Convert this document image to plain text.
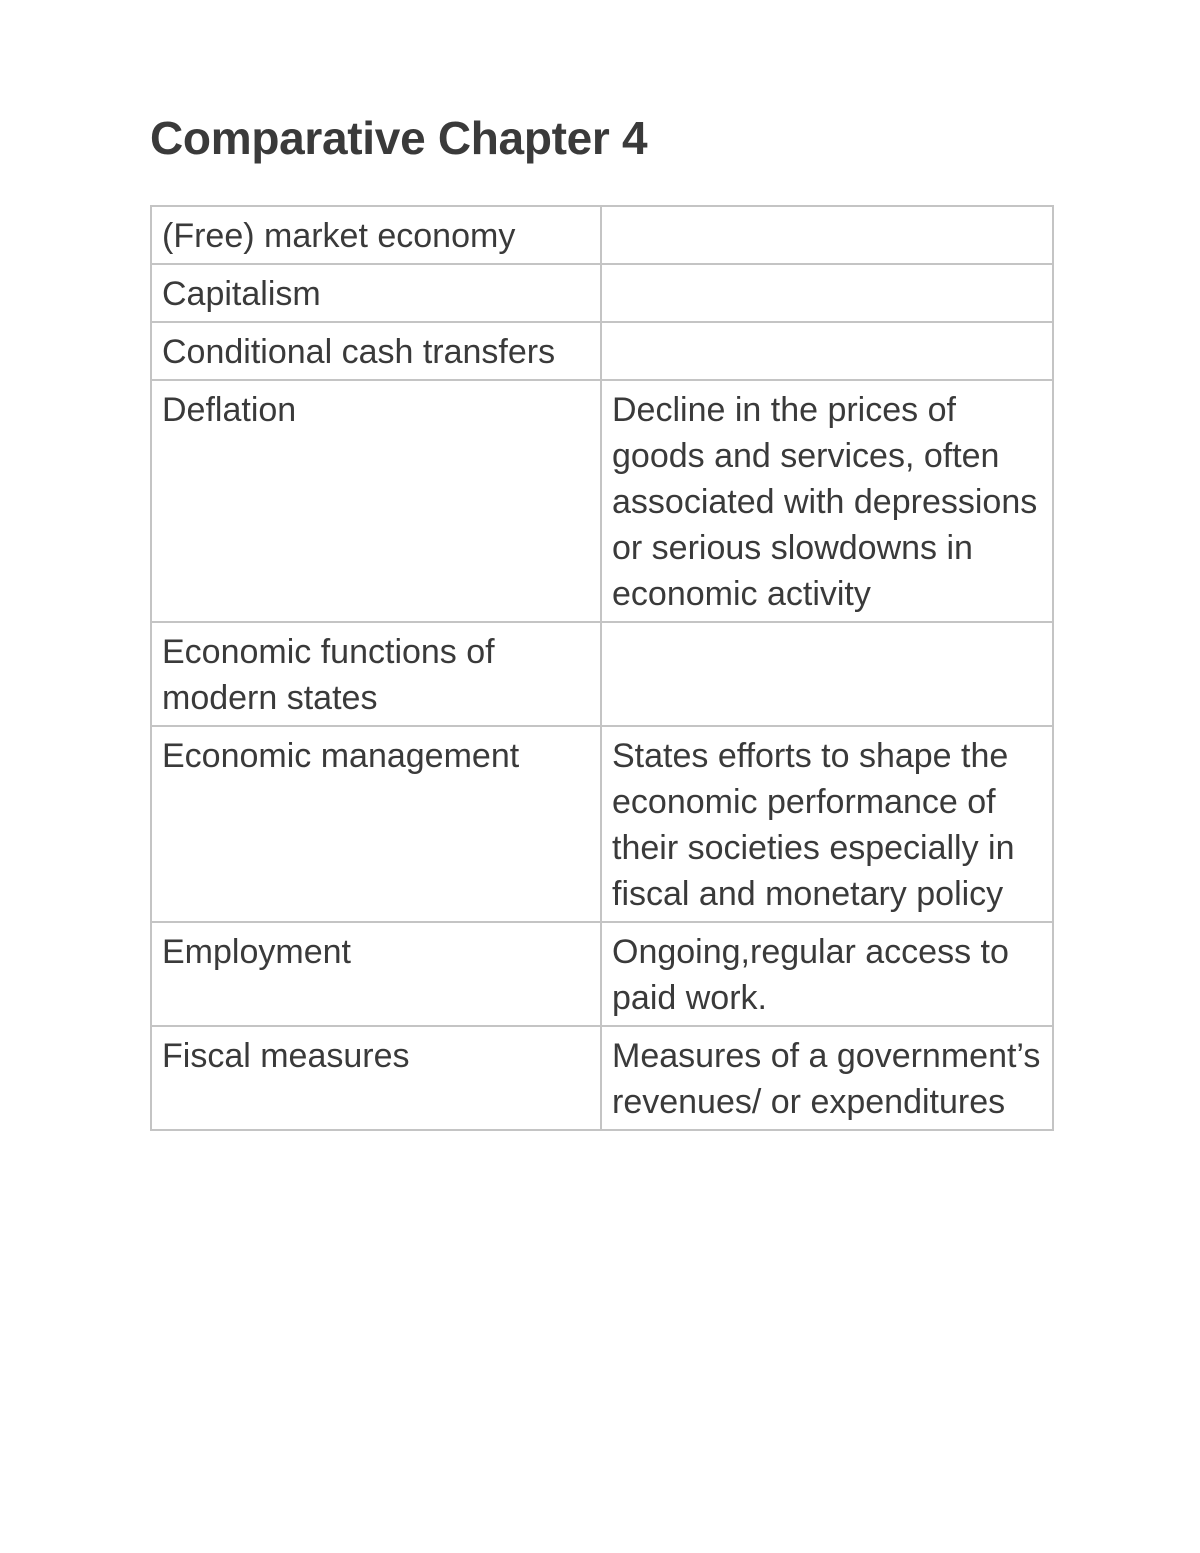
Comparative Chapter 4
(Free) market economy	
Capitalism	
Conditional cash transfers	
Deflation	Decline in the prices of goods and services, often associated with depressions or serious slowdowns in economic activity
Economic functions of modern states	
Economic management	States efforts to shape the economic performance of their societies especially in fiscal and monetary policy
Employment	Ongoing,regular access to paid work.
Fiscal measures	Measures of a government’s revenues/ or expenditures
